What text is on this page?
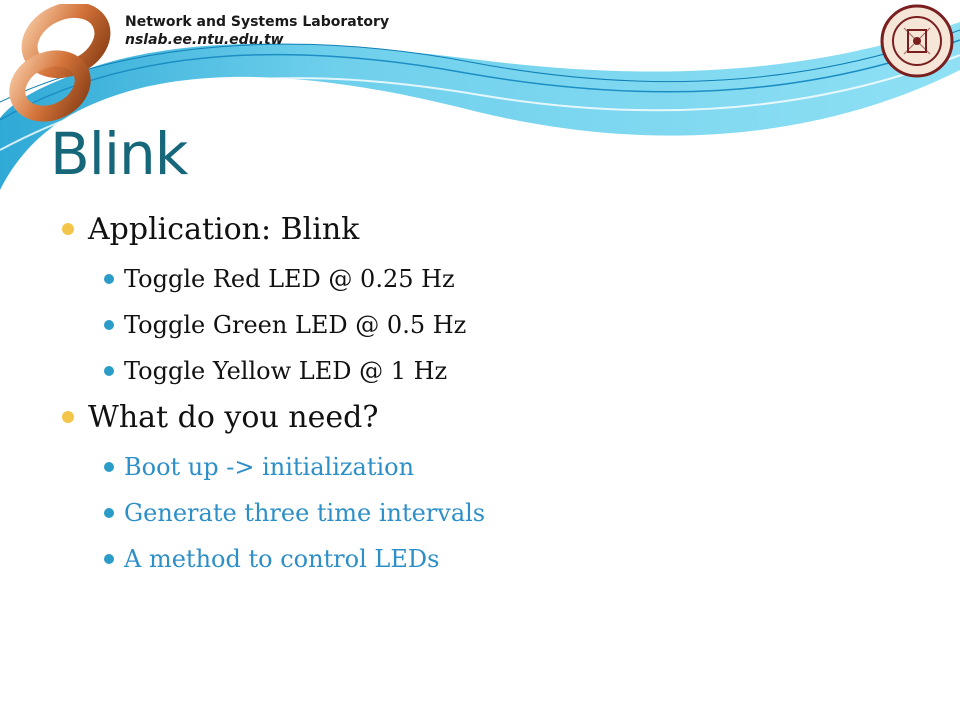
Network and Systems Laboratory
nslab.ee.ntu.edu.tw
Blink
Application: Blink
Toggle Red LED @ 0.25 Hz
Toggle Green LED @ 0.5 Hz
Toggle Yellow LED @ 1 Hz
What do you need?
Boot up -> initialization
Generate three time intervals
A method to control LEDs
